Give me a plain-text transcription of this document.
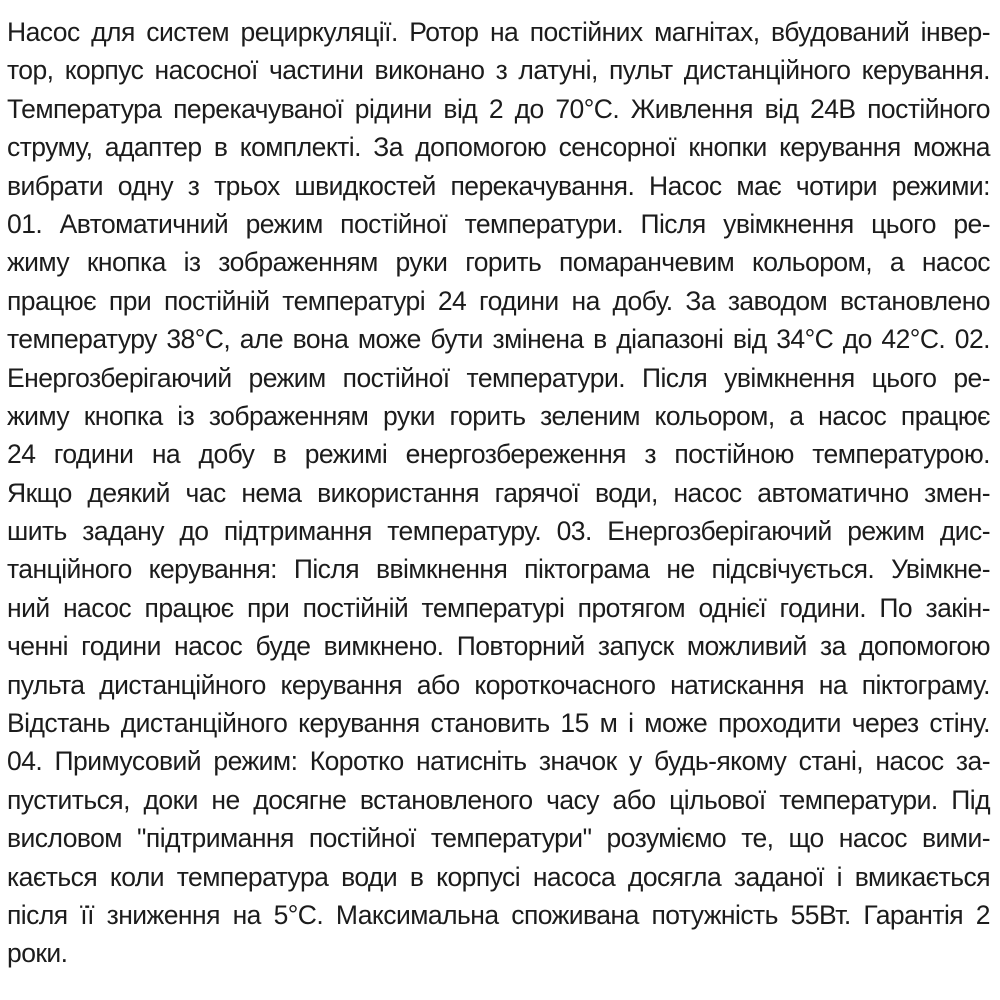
Насос для систем рециркуляції. Ротор на постійних магнітах, вбудований інвер-
тор, корпус насосної частини виконано з латуні, пульт дистанційного керування.
Температура перекачуваної рідини від 2 до 70°С. Живлення від 24В постійного
струму, адаптер в комплекті. За допомогою сенсорної кнопки керування можна
вибрати одну з трьох швидкостей перекачування. Насос має чотири режими:
01. Автоматичний режим постійної температури. Після увімкнення цього ре-
жиму кнопка із зображенням руки горить помаранчевим кольором, а насос
працює при постійній температурі 24 години на добу. За заводом встановлено
температуру 38°С, але вона може бути змінена в діапазоні від 34°С до 42°С. 02.
Енергозберігаючий режим постійної температури. Після увімкнення цього ре-
жиму кнопка із зображенням руки горить зеленим кольором, а насос працює
24 години на добу в режимі енергозбереження з постійною температурою.
Якщо деякий час нема використання гарячої води, насос автоматично змен-
шить задану до підтримання температуру. 03. Енергозберігаючий режим дис-
танційного керування: Після ввімкнення піктограма не підсвічується. Увімкне-
ний насос працює при постійній температурі протягом однієї години. По закін-
ченні години насос буде вимкнено. Повторний запуск можливий за допомогою
пульта дистанційного керування або короткочасного натискання на піктограму.
Відстань дистанційного керування становить 15 м і може проходити через стіну.
04. Примусовий режим: Коротко натисніть значок у будь-якому стані, насос за-
пуститься, доки не досягне встановленого часу або цільової температури. Під
висловом "підтримання постійної температури" розуміємо те, що насос вими-
кається коли температура води в корпусі насоса досягла заданої і вмикається
після її зниження на 5°С. Максимальна споживана потужність 55Вт. Гарантія 2
роки.
